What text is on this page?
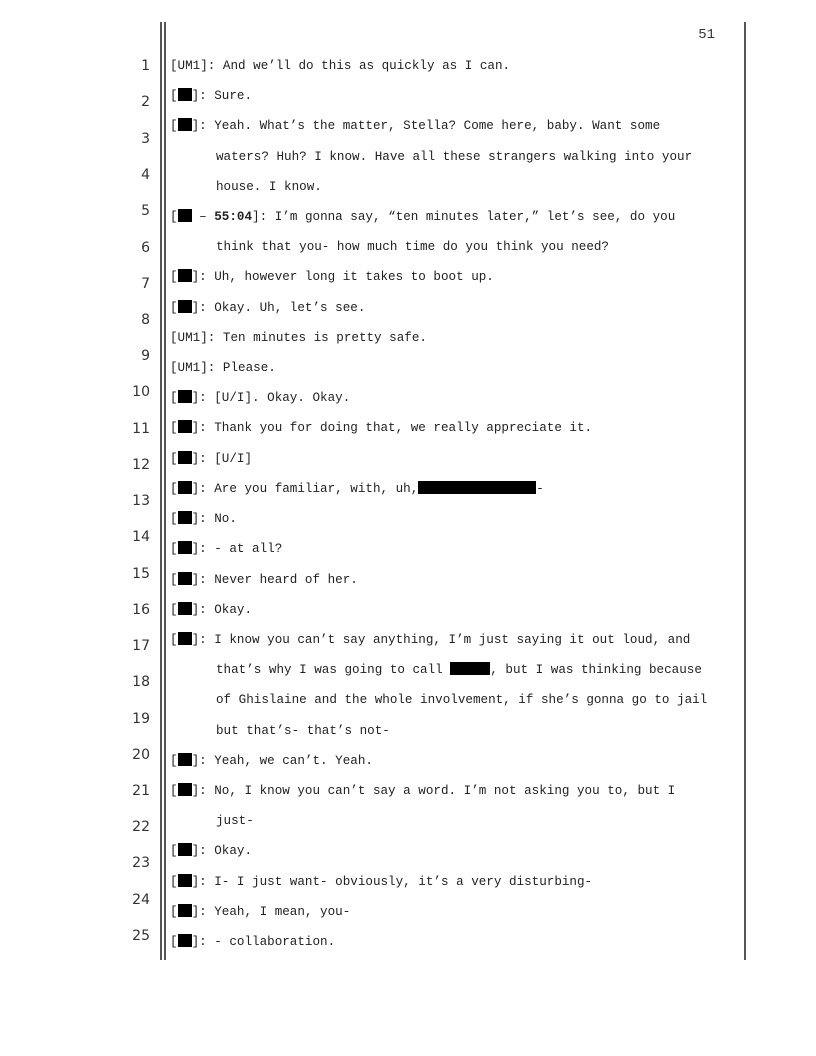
51
1
2
3
4
5
6
7
8
9
10
11
12
13
14
15
16
17
18
19
20
21
22
23
24
25
[UM1]: And we’ll do this as quickly as I can.
[ ]: Sure.
[ ]: Yeah. What’s the matter, Stella? Come here, baby. Want some
waters? Huh? I know. Have all these strangers walking into your
house. I know.
[ – 55:04]: I’m gonna say, “ten minutes later,” let’s see, do you
think that you- how much time do you think you need?
[ ]: Uh, however long it takes to boot up.
[ ]: Okay. Uh, let’s see.
[UM1]: Ten minutes is pretty safe.
[UM1]: Please.
[ ]: [U/I]. Okay. Okay.
[ ]: Thank you for doing that, we really appreciate it.
[ ]: [U/I]
[ ]: Are you familiar, with, uh,	-
[ ]: No.
[ ]: - at all?
[ ]: Never heard of her.
[ ]: Okay.
[ ]: I know you can’t say anything, I’m just saying it out loud, and
that’s why I was going to call	, but I was thinking because
of Ghislaine and the whole involvement, if she’s gonna go to jail
but that’s- that’s not-
[ ]: Yeah, we can’t. Yeah.
[ ]: No, I know you can’t say a word. I’m not asking you to, but I
just-
[ ]: Okay.
[ ]: I- I just want- obviously, it’s a very disturbing-
[ ]: Yeah, I mean, you-
[ ]: - collaboration.
